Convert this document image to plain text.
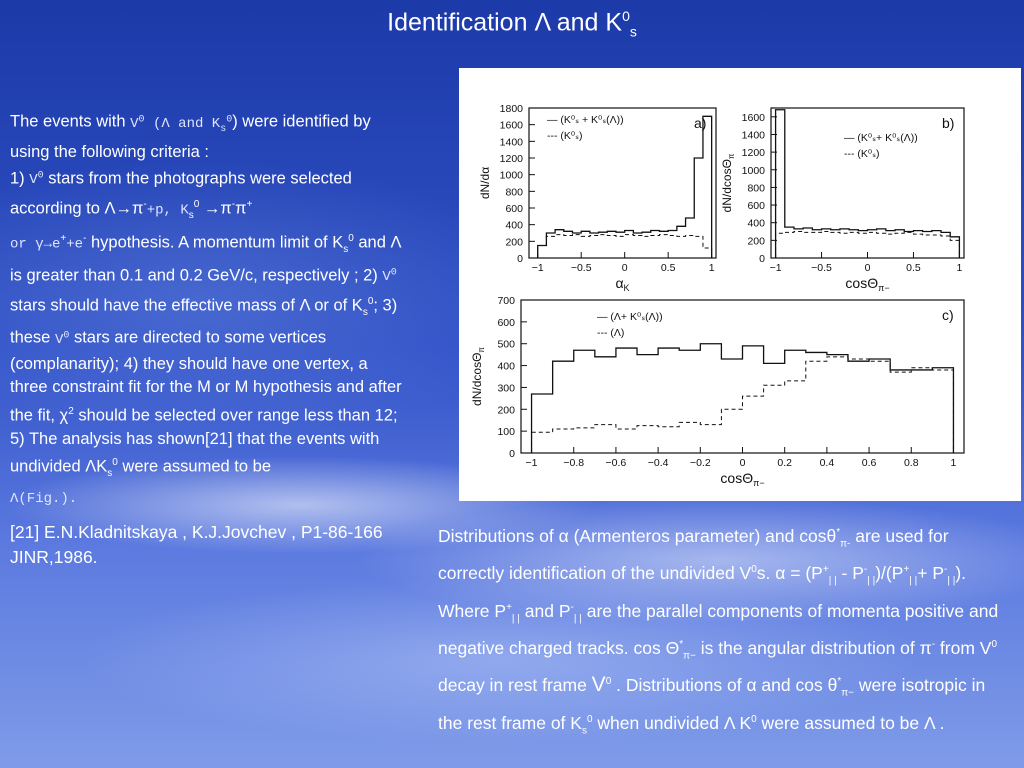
Identification Λ and $K^0_s$
The events with $V^0$ (Λ and $K_s^0$) were identified by using the following criteria :
1) $V^0$ stars from the photographs were selected according to Λ→π-+p, $K_s^0 \to\pi^-\pi^+$
or γ→e++e- hypothesis. A momentum limit of $K_s^0$ and Λ is greater than 0.1 and 0.2 GeV/c, respectively ; 2) $V^0$ stars should have the effective mass of Λ or of $K_s^0$; 3) these $V^0$ stars are directed to some vertices (complanarity); 4) they should have one vertex, a three constraint fit for the M or M hypothesis and after the fit, $\chi^2$ should be selected over range less than 12; 5) The analysis has shown[21] that the events with undivided $\Lambda K_s^0$ were assumed to be
Λ(Fig.).
0
200
400
600
800
1000
1200
1400
1600
1800
−1	−0.5	0	0.5	1
— (K⁰ₛ + K⁰ₛ(Λ))
--- (K⁰ₛ)
a)
dN/dα
$\alpha_K$
0
200
400
600
800
1000
1200
1400
1600
−1	−0.5	0	0.5	1
— (K⁰ₛ+ K⁰ₛ(Λ))
--- (K⁰ₛ)
b)
dN/dcosΘ$_\pi$
cosΘ$_{\pi-}$
0
100
200
300
400
500
600
700
−1 −0.8 −0.6 −0.4 −0.2	0	0.2	0.4	0.6	0.8	1
— (Λ+ K⁰ₛ(Λ))
--- (Λ)
c)
dN/dcosΘ$_\pi$
cosΘ$_{\pi-}$
[21] E.N.Kladnitskaya , K.J.Jovchev , P1-86-166 JINR,1986.
Distributions of α (Armenteros parameter) and cosθ*$_{\pi-}$ are used for correctly identification of the undivided $V^0s$. $\alpha = (P^+_{| |} - P^-_{| |})/(P^+_{| |}+ P^-_{| |})$. Where $P^+_{| |}$ and $P^-_{| |}$ are the parallel components of momenta positive and negative charged tracks. $\cos \Theta^*_{\pi-}$ is the angular distribution of π- from $V^0$ decay in rest frame $V^0$ . Distributions of α and $\cos \theta^*_{\pi-}$ were isotropic in the rest frame of $K_s^0$ when undivided Λ $K^0$ were assumed to be Λ .
